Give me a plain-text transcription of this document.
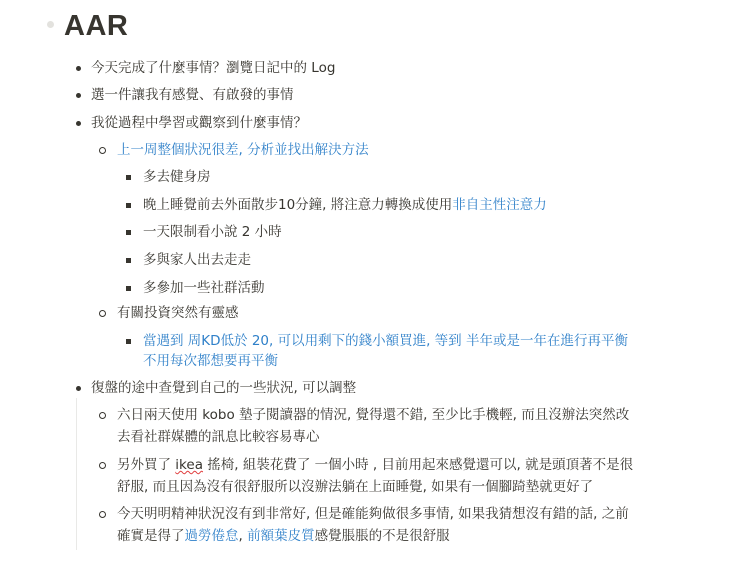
AAR
今天完成了什麼事情？瀏覽日記中的 Log
選一件讓我有感覺、有啟發的事情
我從過程中學習或觀察到什麼事情？
上一周整個狀況很差, 分析並找出解決方法
多去健身房
晚上睡覺前去外面散步10分鐘, 將注意力轉換成使用非自主性注意力
一天限制看小說 2 小時
多與家人出去走走
多參加一些社群活動
有關投資突然有靈感
當遇到 周KD低於 20, 可以用剩下的錢小額買進, 等到 半年或是一年在進行再平衡
不用每次都想要再平衡
復盤的途中查覺到自己的一些狀況, 可以調整
六日兩天使用 kobo 墊子閱讀器的情況, 覺得還不錯, 至少比手機輕, 而且沒辦法突然改
去看社群媒體的訊息比較容易專心
另外買了 ikea 搖椅, 組裝花費了 一個小時 , 目前用起來感覺還可以, 就是頭頂著不是很
舒服, 而且因為沒有很舒服所以沒辦法躺在上面睡覺, 如果有一個腳踦墊就更好了
今天明明精神狀況沒有到非常好, 但是確能夠做很多事情, 如果我猜想沒有錯的話, 之前
確實是得了過勞倦怠, 前額葉皮質感覺脹脹的不是很舒服
